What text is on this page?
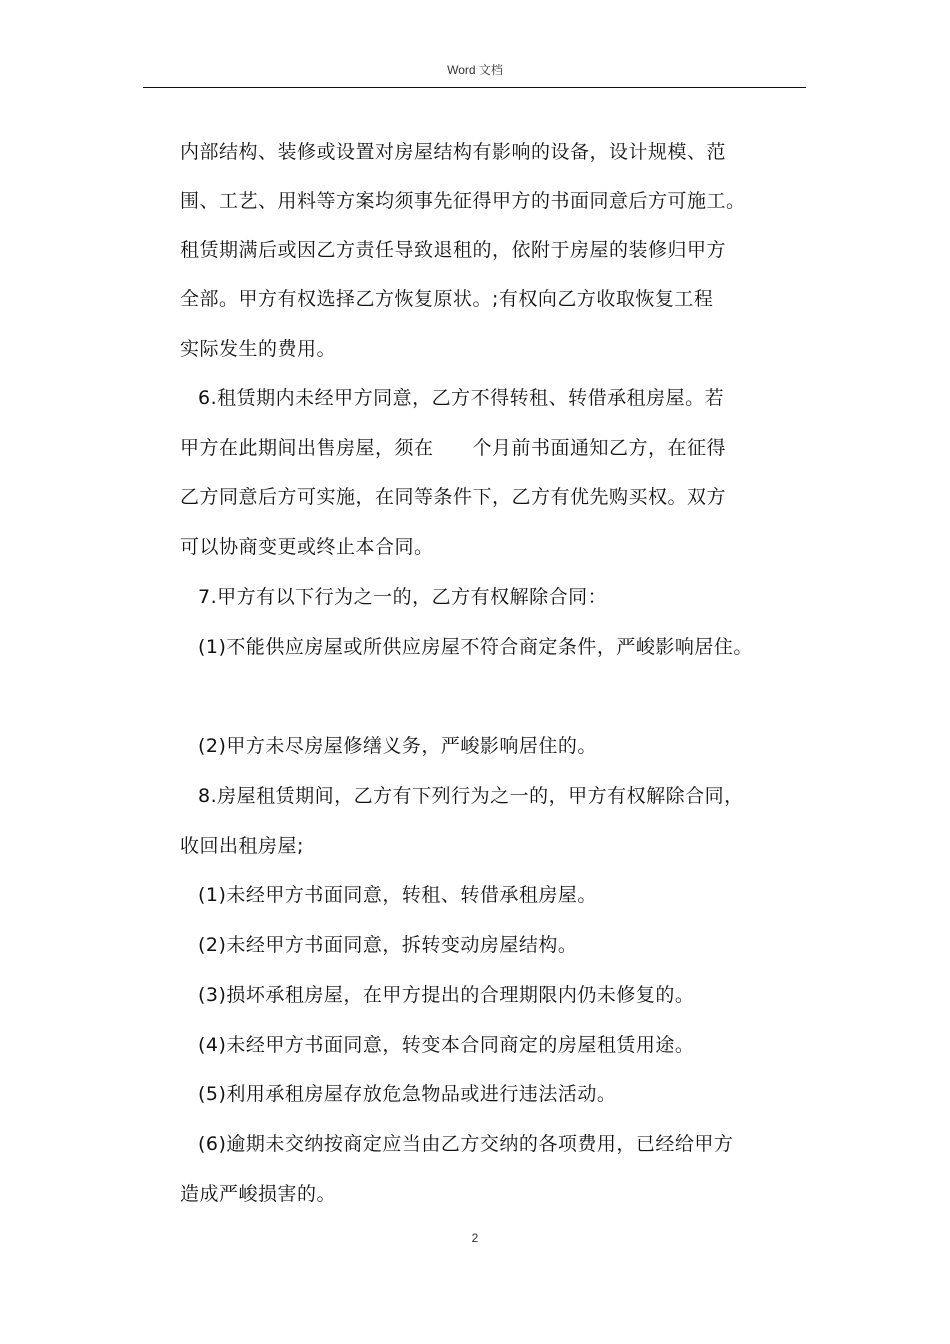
Word 文档
内部结构、装修或设置对房屋结构有影响的设备，设计规模、范
围、工艺、用料等方案均须事先征得甲方的书面同意后方可施工。
租赁期满后或因乙方责任导致退租的，依附于房屋的装修归甲方
全部。甲方有权选择乙方恢复原状。;有权向乙方收取恢复工程
实际发生的费用。
6.租赁期内未经甲方同意，乙方不得转租、转借承租房屋。若
甲方在此期间出售房屋，须在　　个月前书面通知乙方，在征得
乙方同意后方可实施，在同等条件下，乙方有优先购买权。双方
可以协商变更或终止本合同。
7.甲方有以下行为之一的，乙方有权解除合同：
(1)不能供应房屋或所供应房屋不符合商定条件，严峻影响居住。
(2)甲方未尽房屋修缮义务，严峻影响居住的。
8.房屋租赁期间，乙方有下列行为之一的，甲方有权解除合同，
收回出租房屋;
(1)未经甲方书面同意，转租、转借承租房屋。
(2)未经甲方书面同意，拆转变动房屋结构。
(3)损坏承租房屋，在甲方提出的合理期限内仍未修复的。
(4)未经甲方书面同意，转变本合同商定的房屋租赁用途。
(5)利用承租房屋存放危急物品或进行违法活动。
(6)逾期未交纳按商定应当由乙方交纳的各项费用，已经给甲方
造成严峻损害的。
2
